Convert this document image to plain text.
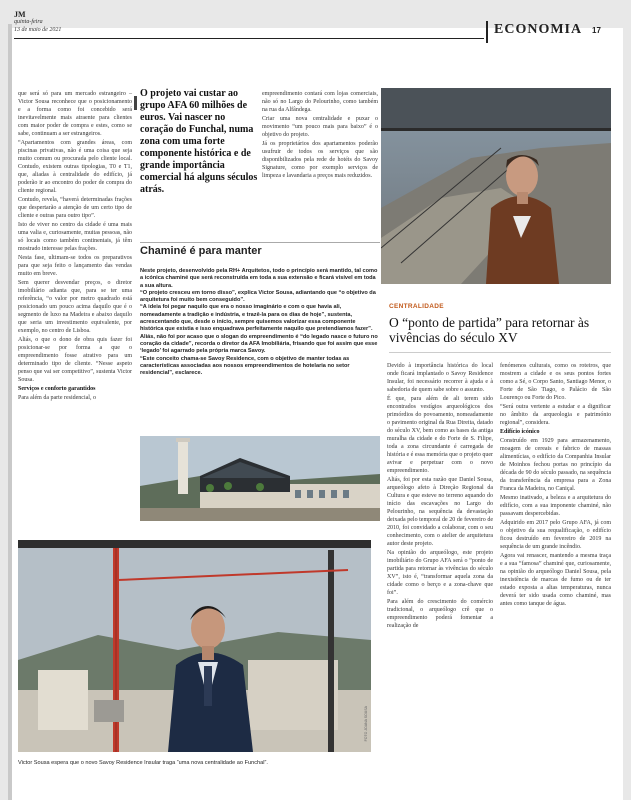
JM
quinta-feira
13 de maio de 2021	ECONOMIA 17

que será só para um mercado estrangeiro – Victor Sousa reconhece que o posicionamento e a forma como foi concebido será inevitavelmente mais atraente para clientes com maior poder de compra e estes, como se sabe, continuam a ser estrangeiros.

“Apartamentos com grandes áreas, com piscinas privativas, não é uma coisa que seja muito comum ou procurada pelo cliente local. Contudo, existem outras tipologias, T0 e T1, que, aliadas à centralidade do edifício, já poderão ir ao encontro do poder de compra do cliente regional.

Contudo, revela, “haverá determinadas frações que despertarão a atenção de um certo tipo de cliente e outras para outro tipo”.

Isto de viver no centro da cidade é uma mais uma valia e, curiosamente, muitas pessoas, não só locais como também continentais, já têm mostrado interesse pelas frações.

Nesta fase, ultimam-se todos os preparativos para que seja feito o lançamento das vendas muito em breve.

Sem querer desvendar preços, o diretor imobiliário adianta que, para se ter uma referência, “o valor por metro quadrado está posicionado um pouco acima daquilo que é o segmento de luxo na Madeira e abaixo daquilo que seria um investimento equivalente, por exemplo, no centro de Lisboa.

Aliás, o que o dono de obra quis fazer foi posicionar-se por forma a que o empreendimento fosse atrativo para um determinado tipo de cliente. “Nesse aspeto penso que vai ser competitivo”, sustenta Victor Sousa.

Serviços e conforto garantidos

Para além da parte residencial, o

O projeto vai custar ao grupo AFA 60 milhões de euros. Vai nascer no coração do Funchal, numa zona com uma forte componente histórica e de grande importância comercial há alguns séculos atrás.

empreendimento contará com lojas comerciais, não só no Largo do Pelourinho, como também na rua da Alfândega.

Criar uma nova centralidade e puxar o movimento “um pouco mais para baixo” é o objetivo do projeto.

Já os proprietários dos apartamentos poderão usufruir de todos os serviços que são disponibilizados pela rede de hotéis do Savoy Signature, como por exemplo serviços de limpeza e lavandaria a preços mais reduzidos.

Chaminé é para manter

Neste projeto, desenvolvido pela RH+ Arquitetos, todo o princípio será mantido, tal como a icónica chaminé que será reconstruída em toda a sua extensão e ficará visível em toda a sua altura.

“O projeto cresceu em torno disso”, explica Victor Sousa, adiantando que “o objetivo da arquitetura foi muito bem conseguido”.

“A ideia foi pegar naquilo que era o nosso imaginário e com o que havia ali, nomeadamente a tradição e indústria, e trazê-la para os dias de hoje”, sustenta, acrescentando que, desde o início, sempre quisemos valorizar essa componente histórica que existia e isso enquadrava perfeitamente naquilo que pretendíamos fazer”.

Aliás, não foi por acaso que o slogan do empreendimento é “do legado nasce o futuro no coração da cidade”, recorda o diretor da AFA Imobiliária, frisando que foi assim que esse ‘legado’ foi agarrado pela própria marca Savoy.

“Este conceito chama-se Savoy Residence, com o objetivo de manter todas as características associadas aos nossos empreendimentos de hotelaria no setor residencial”, esclarece.

CENTRALIDADE
O “ponto de partida” para retornar às vivências do século XV

Devido à importância histórica do local onde ficará implantado o Savoy Residence Insular, foi necessário recorrer à ajuda e à sabedoria de quem sabe sobre o assunto.

É que, para além de ali terem sido encontrados vestígios arqueológicos dos primórdios do povoamento, nomeadamente o pavimento original da Rua Direita, datado do século XV, bem como as bases da antiga muralha da cidade e do Forte de S. Filipe, toda a zona circundante é carregada de história e é essa memória que o projeto quer avivar e perpetuar com o novo empreendimento.

Aliás, foi por esta razão que Daniel Sousa, arqueólogo afeto à Direção Regional da Cultura e que esteve no terreno aquando do início das escavações no Largo do Pelourinho, na sequência da devastação deixada pelo temporal de 20 de fevereiro de 2010, foi convidado a colaborar, com o seu conhecimento, com o atelier de arquitetura autor deste projeto.

Na opinião do arqueólogo, este projeto imobiliário do Grupo AFA será o “ponto de partida para retornar às vivências do século XV”, isto é, “transformar aquela zona da cidade como o berço e a zona-chave que foi”.

Para além do crescimento do comércio tradicional, o arqueólogo crê que o empreendimento poderá fomentar a realização de

fenómenos culturais, como os roteiros, que mostrem a cidade e os seus pontos fortes como a Sé, o Corpo Santo, Santiago Menor, o Forte de São Tiago, o Palácio de São Lourenço ou Forte do Pico.

“Será outra vertente a estudar e a dignificar no âmbito da arqueologia e património regional”, considera.

Edifício icónico

Construído em 1929 para armazenamento, moagem de cereais e fabrico de massas alimentícias, o edifício da Companhia Insular de Moinhos fechou portas no princípio da década de 90 do século passado, na sequência da transferência da empresa para a Zona Franca da Madeira, no Caniçal.

Mesmo inativado, a beleza e a arquitetura do edifício, com a sua imponente chaminé, não passavam despercebidas.

Adquirido em 2017 pelo Grupo AFA, já com o objetivo da sua requalificação, o edifício ficou destruído em fevereiro de 2019 na sequência de um grande incêndio.

Agora vai renascer, mantendo a mesma traça e a sua “famosa” chaminé que, curiosamente, na opinião do arqueólogo Daniel Sousa, pela inexistência de marcas de fumo ou de ter estado exposta a altas temperaturas, nunca deverá ter sido usada como chaminé, mas antes como tanque de água.

FOTO JOANA SOUSA
Victor Sousa espera que o novo Savoy Residence Insular traga “uma nova centralidade ao Funchal”.
